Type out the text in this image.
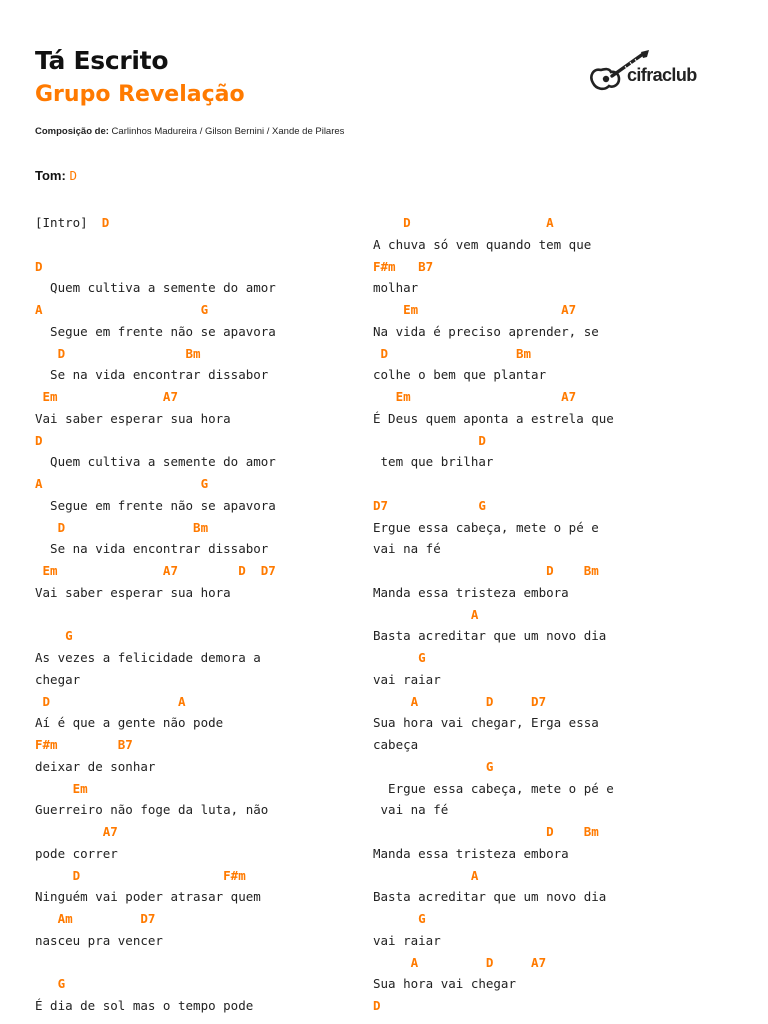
Tá Escrito
Grupo Revelação
Composição de: Carlinhos Madureira / Gilson Bernini / Xande de Pilares
Tom: D
cifraclub
[Intro] D
D
Quem cultiva a semente do amor
A                     G
Segue em frente não se apavora
D                Bm
Se na vida encontrar dissabor
Em              A7
Vai saber esperar sua hora
D
Quem cultiva a semente do amor
A                     G
Segue em frente não se apavora
D                 Bm
Se na vida encontrar dissabor
Em              A7        D  D7
Vai saber esperar sua hora
G
As vezes a felicidade demora a
chegar
D                 A
Aí é que a gente não pode
F#m        B7
deixar de sonhar
Em
Guerreiro não foge da luta, não
A7
pode correr
D                   F#m
Ninguém vai poder atrasar quem
Am         D7
nasceu pra vencer
G
É dia de sol mas o tempo pode
D                  A
A chuva só vem quando tem que
F#m   B7
molhar
Em                   A7
Na vida é preciso aprender, se
D                 Bm
colhe o bem que plantar
Em                    A7
É Deus quem aponta a estrela que
D
tem que brilhar
D7            G
Ergue essa cabeça, mete o pé e
vai na fé
D    Bm
Manda essa tristeza embora
A
Basta acreditar que um novo dia
G
vai raiar
A         D     D7
Sua hora vai chegar, Erga essa
cabeça
G
Ergue essa cabeça, mete o pé e
vai na fé
D    Bm
Manda essa tristeza embora
A
Basta acreditar que um novo dia
G
vai raiar
A         D     A7
Sua hora vai chegar
D
